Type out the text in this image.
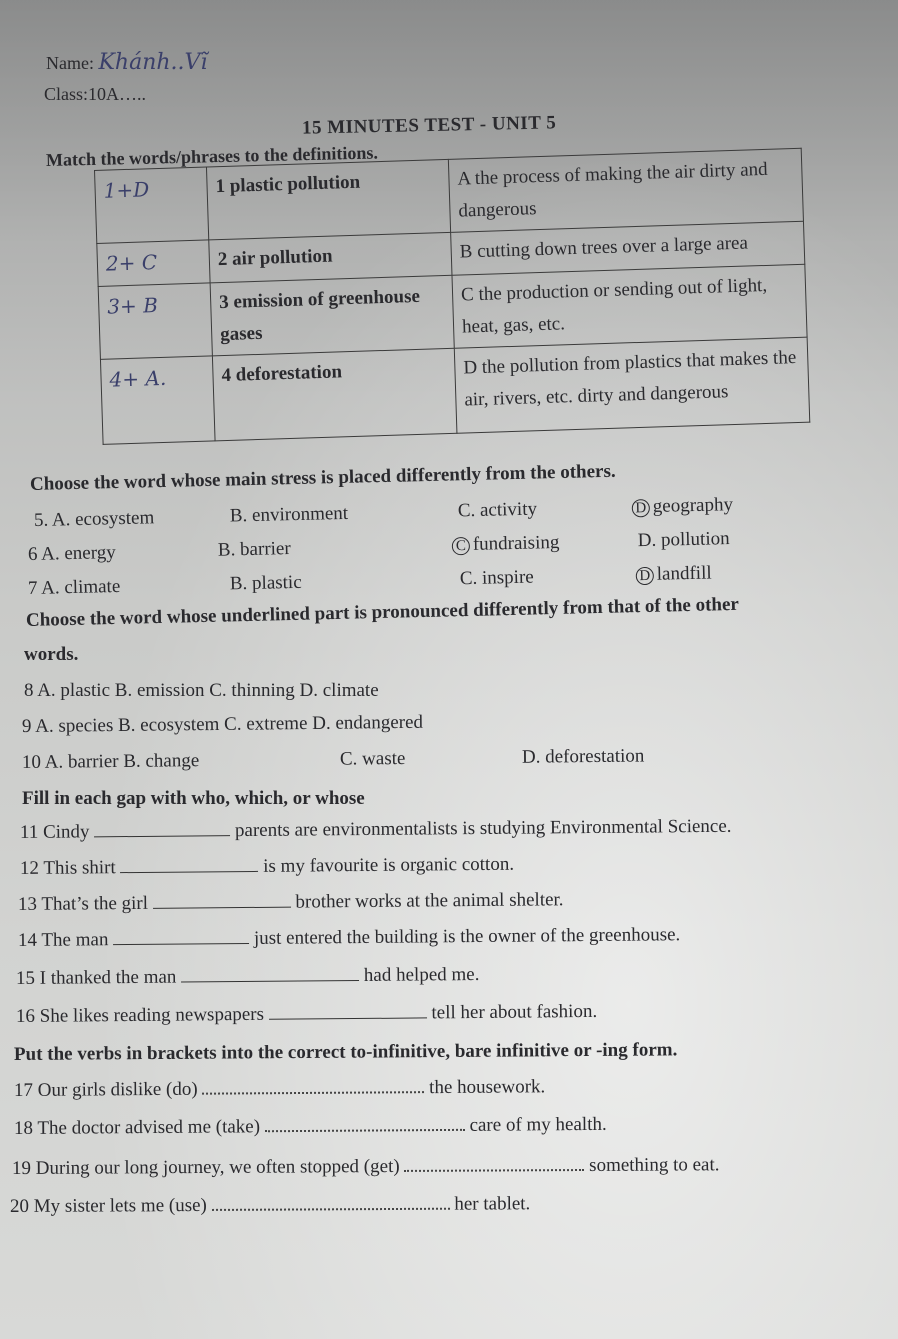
Name: Khánh..Vĩ
Class:10A…..
15 MINUTES TEST - UNIT 5
Match the words/phrases to the definitions.
1+D	1 plastic pollution	A the process of making the air dirty and dangerous
2+ C	2 air pollution	B cutting down trees over a large area
3+ B	3 emission of greenhouse gases	C the production or sending out of light, heat, gas, etc.
4+ A.	4 deforestation	D the pollution from plastics that makes the air, rivers, etc. dirty and dangerous
Choose the word whose main stress is placed differently from the others.
5. A. ecosystem	B. environment	C. activity	D geography
6 A. energy	B. barrier	C fundraising	D. pollution
7 A. climate	B. plastic	C. inspire	D landfill
Choose the word whose underlined part is pronounced differently from that of the other
words.
8 A. plastic B. emission C. thinning D. climate
9 A. species B. ecosystem C. extreme D. endangered
10 A. barrier B. change	C. waste	D. deforestation
Fill in each gap with who, which, or whose
11 Cindy	parents are environmentalists is studying Environmental Science.
12 This shirt	is my favourite is organic cotton.
13 That’s the girl	brother works at the animal shelter.
14 The man	just entered the building is the owner of the greenhouse.
15 I thanked the man	had helped me.
16 She likes reading newspapers	tell her about fashion.
Put the verbs in brackets into the correct to-infinitive, bare infinitive or -ing form.
17 Our girls dislike (do)	the housework.
18 The doctor advised me (take)	care of my health.
19 During our long journey, we often stopped (get)	something to eat.
20 My sister lets me (use)	her tablet.
